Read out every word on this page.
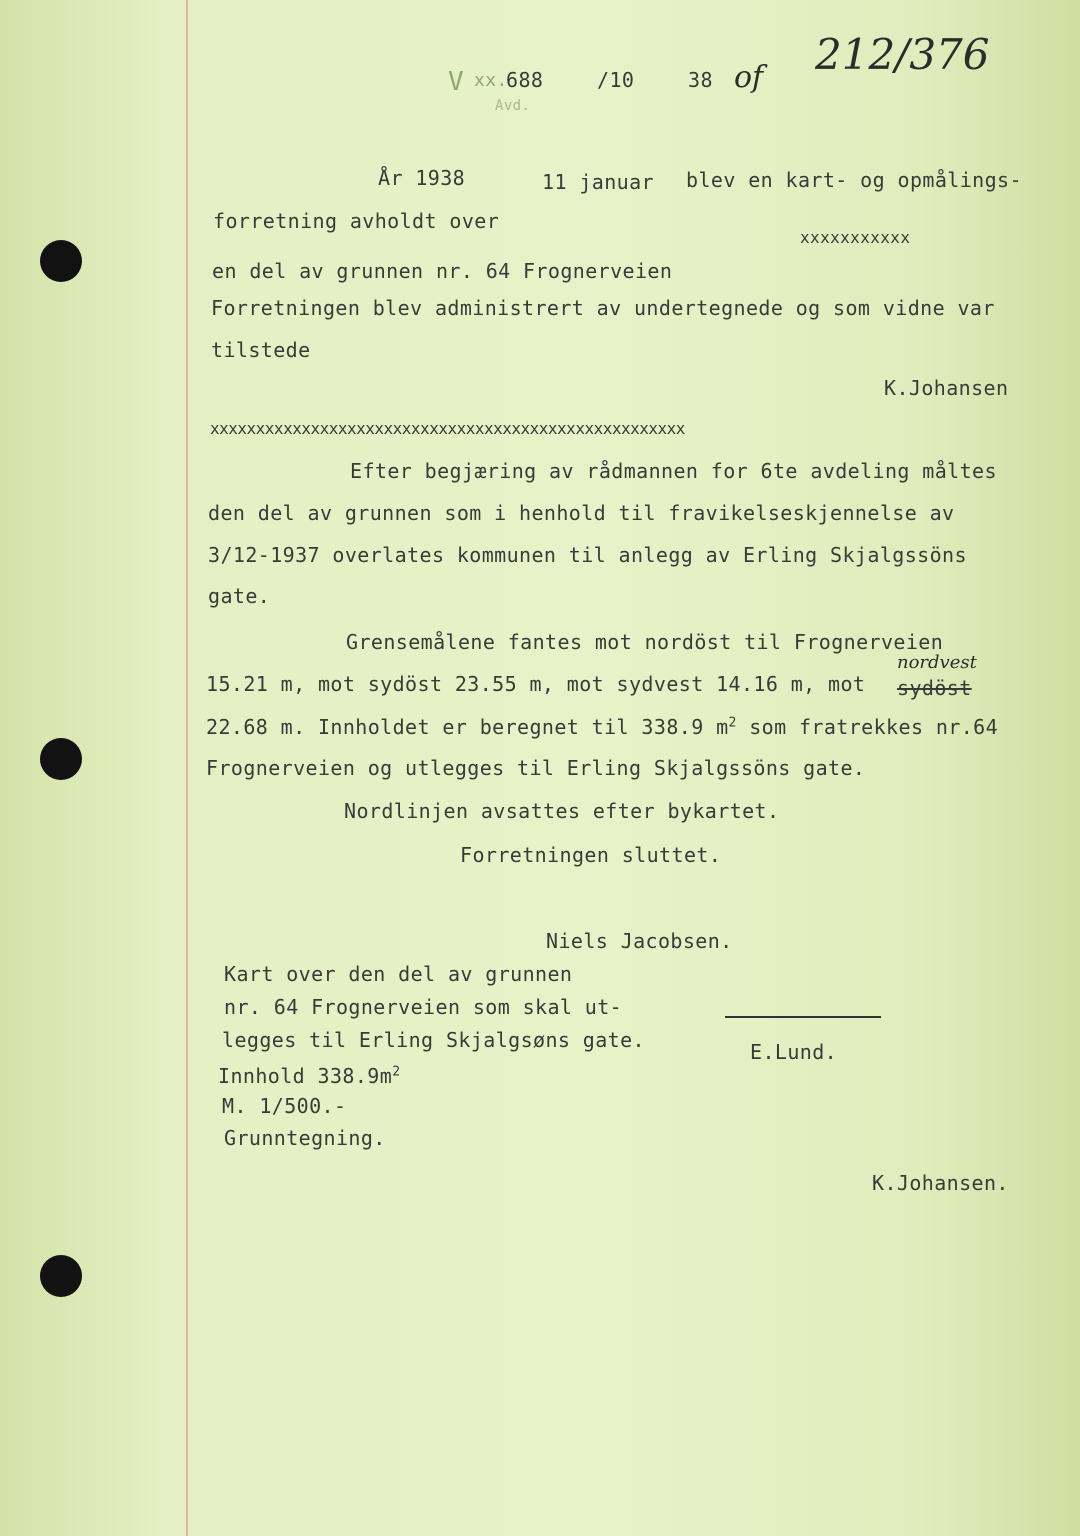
V xx.
688	/10	38 of 212/376
Avd.
År 1938	11 januar blev en kart- og opmålings-
forretning avholdt over
xxxxxxxxxxx
en del av grunnen nr. 64 Frognerveien
Forretningen blev administrert av undertegnede og som vidne var
tilstede
K.Johansen
xxxxxxxxxxxxxxxxxxxxxxxxxxxxxxxxxxxxxxxxxxxxxxxxxxxx
Efter begjæring av rådmannen for 6te avdeling måltes
den del av grunnen som i henhold til fravikelseskjennelse av
3/12-1937 overlates kommunen til anlegg av Erling Skjalgssöns
gate.
Grensemålene fantes mot nordöst til Frognerveien
15.21 m, mot sydöst 23.55 m, mot sydvest 14.16 m, mot sydöst
nordvest
22.68 m. Innholdet er beregnet til 338.9 $m^2$ som fratrekkes nr.64
Frognerveien og utlegges til Erling Skjalgssöns gate.
Nordlinjen avsattes efter bykartet.
Forretningen sluttet.
Niels Jacobsen.
Kart over den del av grunnen
nr. 64 Frognerveien som skal ut-
legges til Erling Skjalgsøns gate.
Innhold $338.9m^2$
M. 1/500.-
Grunntegning.
E.Lund.
K.Johansen.
